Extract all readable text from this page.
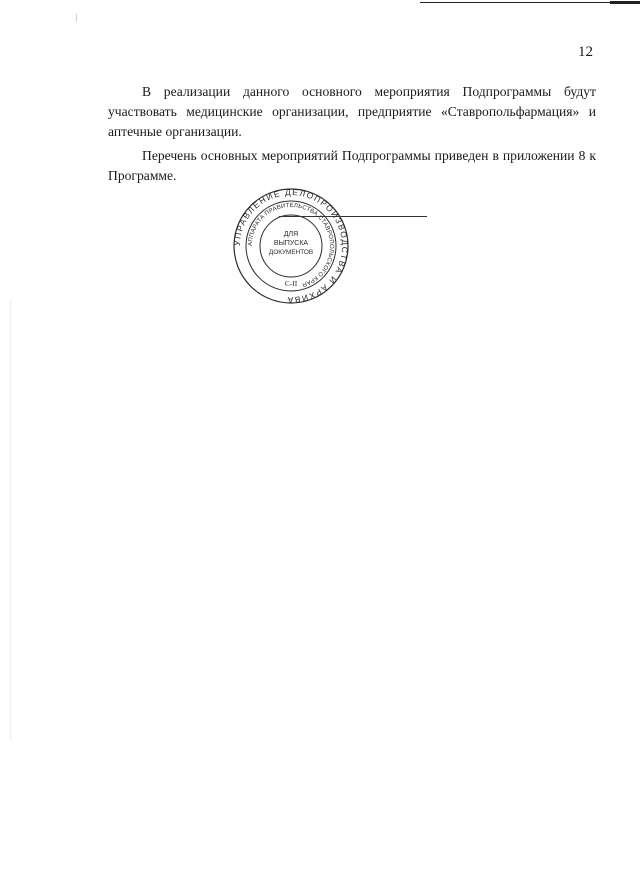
12

В реализации данного основного мероприятия Подпрограммы будут участвовать медицинские организации, предприятие «Ставропольфармация» и аптечные организации.

Перечень основных мероприятий Подпрограммы приведен в приложении 8 к Программе.

УПРАВЛЕНИЕ ДЕЛОПРОИЗВОДСТВА И АРХИВА
АППАРАТА ПРАВИТЕЛЬСТВА СТАВРОПОЛЬСКОГО КРАЯ
ДЛЯ
ВЫПУСКА
ДОКУМЕНТОВ
С-II
